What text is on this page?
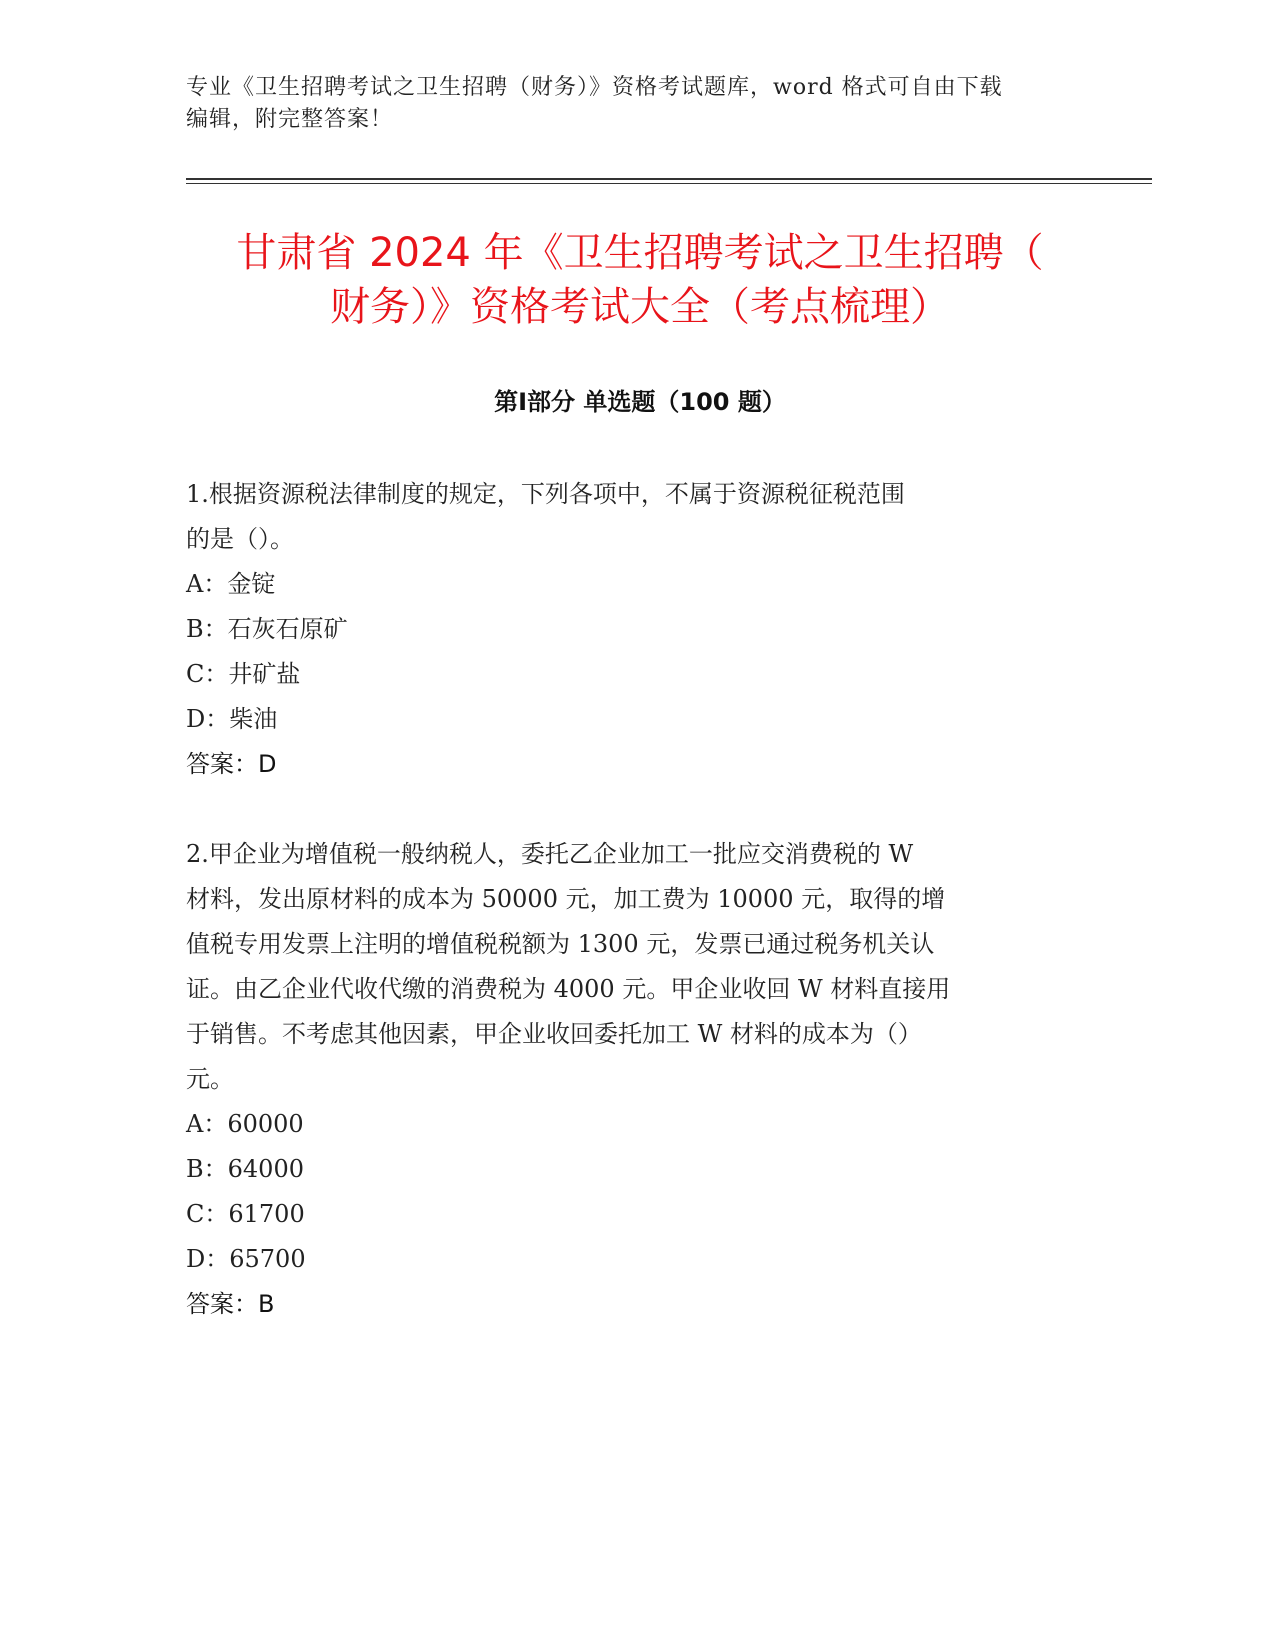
专业《卫生招聘考试之卫生招聘（财务）》资格考试题库，word 格式可自由下载
编辑，附完整答案！
甘肃省 2024 年《卫生招聘考试之卫生招聘（
财务）》资格考试大全（考点梳理）
第Ⅰ部分 单选题（100 题）

1.根据资源税法律制度的规定，下列各项中，不属于资源税征税范围
的是（）。

A：金锭
B：石灰石原矿
C：井矿盐
D：柴油

答案：D

2.甲企业为增值税一般纳税人，委托乙企业加工一批应交消费税的 W
材料，发出原材料的成本为 50000 元，加工费为 10000 元，取得的增
值税专用发票上注明的增值税税额为 1300 元，发票已通过税务机关认
证。由乙企业代收代缴的消费税为 4000 元。甲企业收回 W 材料直接用
于销售。不考虑其他因素，甲企业收回委托加工 W 材料的成本为（）
元。

A：60000
B：64000
C：61700
D：65700

答案：B
